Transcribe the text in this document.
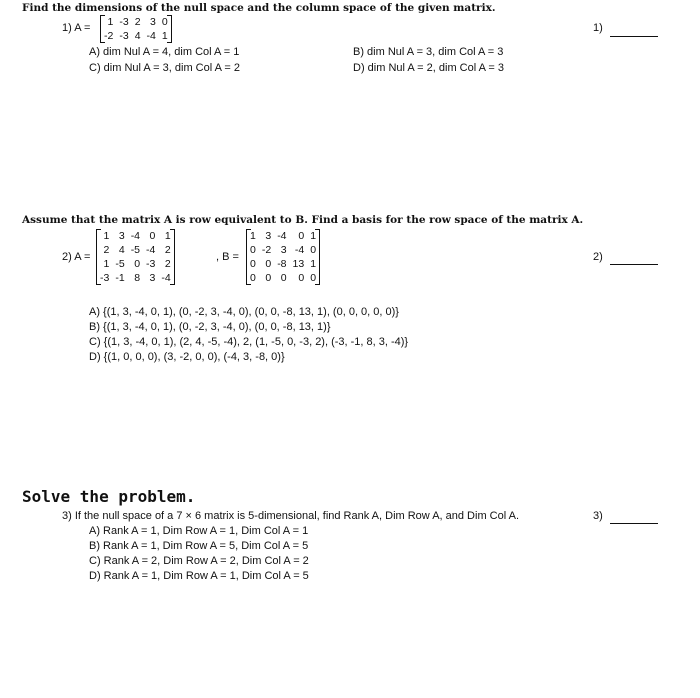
Find the dimensions of the null space and the column space of the given matrix.
1) A = 1	-3	2	3	0
-2	-3	4	-4	1
A) dim Nul A = 4, dim Col A = 1	B) dim Nul A = 3, dim Col A = 3
C) dim Nul A = 3, dim Col A = 2	D) dim Nul A = 2, dim Col A = 3
1)
Assume that the matrix A is row equivalent to B. Find a basis for the row space of the matrix A.
2) A =
1	3	-4	0	1
2	4	-5	-4	2
1	-5	0	-3	2
-3	-1	8	3	-4
, B =
1	3	-4	0	1
0	-2	3	-4	0
0	0	-8	13	1
0	0	0	0	0
A) {(1, 3, -4, 0, 1), (0, -2, 3, -4, 0), (0, 0, -8, 13, 1), (0, 0, 0, 0, 0)}
B) {(1, 3, -4, 0, 1), (0, -2, 3, -4, 0), (0, 0, -8, 13, 1)}
C) {(1, 3, -4, 0, 1), (2, 4, -5, -4), 2, (1, -5, 0, -3, 2), (-3, -1, 8, 3, -4)}
D) {(1, 0, 0, 0), (3, -2, 0, 0), (-4, 3, -8, 0)}
2)
Solve the problem.
3) If the null space of a 7 × 6 matrix is 5-dimensional, find Rank A, Dim Row A, and Dim Col A.
A) Rank A = 1, Dim Row A = 1, Dim Col A = 1
B) Rank A = 1, Dim Row A = 5, Dim Col A = 5
C) Rank A = 2, Dim Row A = 2, Dim Col A = 2
D) Rank A = 1, Dim Row A = 1, Dim Col A = 5
3)
